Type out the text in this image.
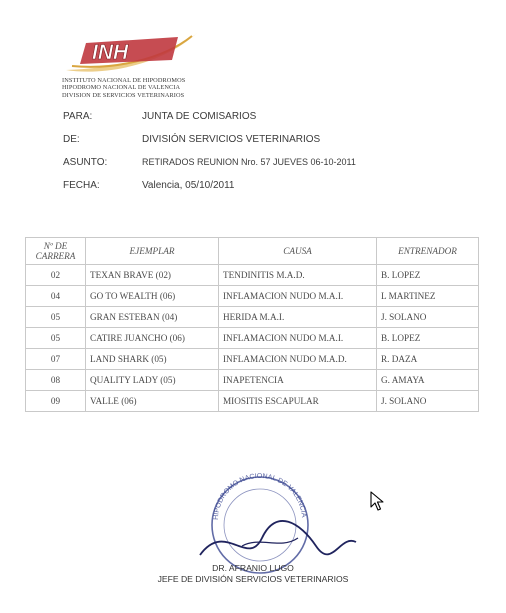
INH
INSTITUTO NACIONAL DE HIPODROMOS
HIPODROMO NACIONAL DE VALENCIA
DIVISION DE SERVICIOS VETERINARIOS
PARA:	JUNTA DE COMISARIOS
DE:	DIVISIÓN SERVICIOS VETERINARIOS
ASUNTO:	RETIRADOS REUNION Nro. 57 JUEVES 06-10-2011
FECHA:	Valencia, 05/10/2011
Nº DE
CARRERA	EJEMPLAR	CAUSA	ENTRENADOR
02	TEXAN BRAVE (02)	TENDINITIS M.A.D.	B. LOPEZ
04	GO TO WEALTH (06)	INFLAMACION NUDO M.A.I.	L MARTINEZ
05	GRAN ESTEBAN (04)	HERIDA M.A.I.	J. SOLANO
05	CATIRE JUANCHO (06)	INFLAMACION NUDO M.A.I.	B. LOPEZ
07	LAND SHARK (05)	INFLAMACION NUDO M.A.D.	R. DAZA
08	QUALITY LADY (05)	INAPETENCIA	G. AMAYA
09	VALLE (06)	MIOSITIS ESCAPULAR	J. SOLANO
HIPODROMO NACIONAL DE VALENCIA
DR. AFRANIO LUGO
JEFE DE DIVISIÓN SERVICIOS VETERINARIOS
